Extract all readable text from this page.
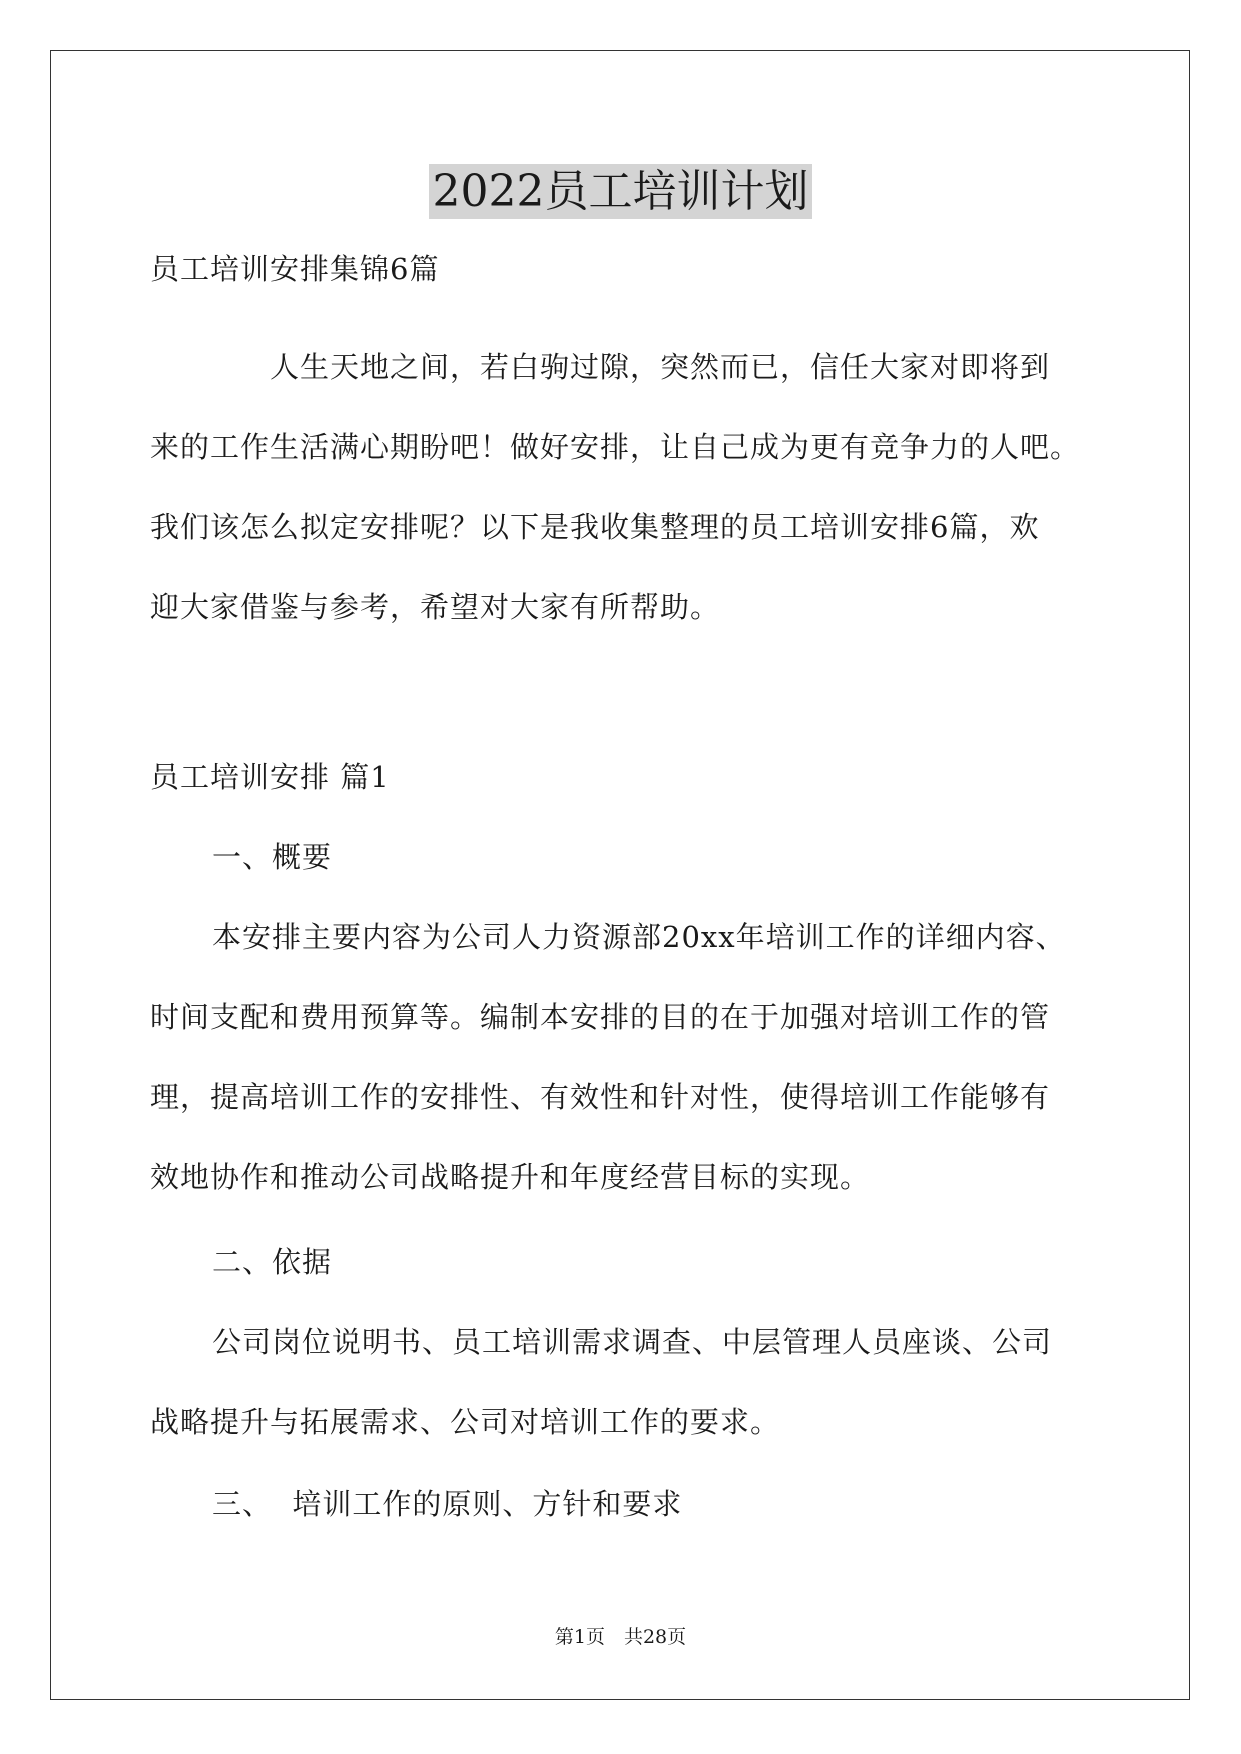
2022员工培训计划
员工培训安排集锦6篇
人生天地之间，若白驹过隙，突然而已，信任大家对即将到
来的工作生活满心期盼吧！做好安排，让自己成为更有竞争力的人吧。
我们该怎么拟定安排呢？以下是我收集整理的员工培训安排6篇，欢
迎大家借鉴与参考，希望对大家有所帮助。
员工培训安排 篇1
一、概要
本安排主要内容为公司人力资源部20xx年培训工作的详细内容、
时间支配和费用预算等。编制本安排的目的在于加强对培训工作的管
理，提高培训工作的安排性、有效性和针对性，使得培训工作能够有
效地协作和推动公司战略提升和年度经营目标的实现。
二、依据
公司岗位说明书、员工培训需求调查、中层管理人员座谈、公司
战略提升与拓展需求、公司对培训工作的要求。
三、  培训工作的原则、方针和要求
第1页　共28页
